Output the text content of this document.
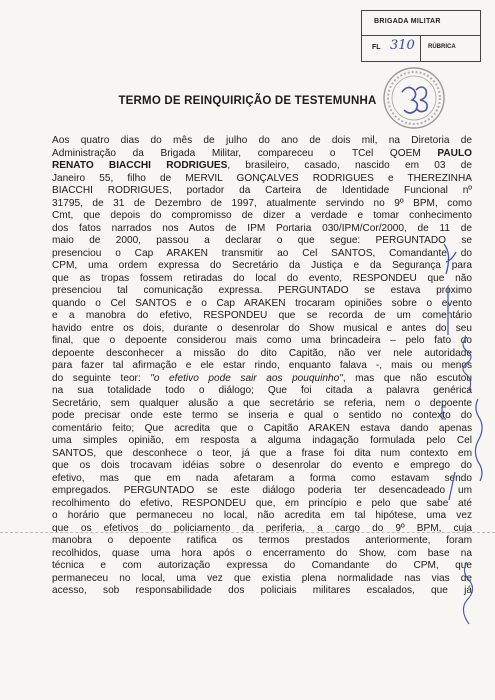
BRIGADA MILITAR
FL 310 RÚBRICA
TERMO DE REINQUIRIÇÃO DE TESTEMUNHA

Aos quatro dias do mês de julho do ano de dois mil, na Diretoria de

Administração da Brigada Militar, compareceu o TCel QOEM PAULO

RENATO BIACCHI RODRIGUES, brasileiro, casado, nascido em 03 de

Janeiro 55, filho de MERVIL GONÇALVES RODRIGUES e THEREZINHA

BIACCHI RODRIGUES, portador da Carteira de Identidade Funcional nº

31795, de 31 de Dezembro de 1997, atualmente servindo no 9º BPM, como

Cmt, que depois do compromisso de dizer a verdade e tomar conhecimento

dos fatos narrados nos Autos de IPM Portaria 030/IPM/Cor/2000, de 11 de

maio de 2000, passou a declarar o que segue: PERGUNTADO se

presenciou o Cap ARAKEN transmitir ao Cel SANTOS, Comandante do

CPM, uma ordem expressa do Secretário da Justiça e da Segurança para

que as tropas fossem retiradas do local do evento, RESPONDEU que não

presenciou tal comunicação expressa. PERGUNTADO se estava próximo

quando o Cel SANTOS e o Cap ARAKEN trocaram opiniões sobre o evento

e a manobra do efetivo, RESPONDEU que se recorda de um comentário

havido entre os dois, durante o desenrolar do Show musical e antes do seu

final, que o depoente considerou mais como uma brincadeira – pelo fato do

depoente desconhecer a missão do dito Capitão, não ver nele autoridade

para fazer tal afirmação e ele estar rindo, enquanto falava -, mais ou menos

do seguinte teor: "o efetivo pode sair aos pouquinho", mas que não escutou

na sua totalidade todo o diálogo; Que foi citada a palavra genérica

Secretário, sem qualquer alusão a que secretário se referia, nem o depoente

pode precisar onde este termo se inseria e qual o sentido no contexto do

comentário feito; Que acredita que o Capitão ARAKEN estava dando apenas

uma simples opinião, em resposta a alguma indagação formulada pelo Cel

SANTOS, que desconhece o teor, já que a frase foi dita num contexto em

que os dois trocavam idéias sobre o desenrolar do evento e emprego do

efetivo, mas que em nada afetaram a forma como estavam sendo

empregados. PERGUNTADO se este diálogo poderia ter desencadeado um

recolhimento do efetivo, RESPONDEU que, em princípio e pelo que sabe até

o horário que permaneceu no local, não acredita em tal hipótese, uma vez

que os efetivos do policiamento da periferia, a cargo do 9º BPM, cuja

manobra o depoente ratifica os termos prestados anteriormente, foram

recolhidos, quase uma hora após o encerramento do Show, com base na

técnica e com autorização expressa do Comandante do CPM, que

permaneceu no local, uma vez que existia plena normalidade nas vias de

acesso, sob responsabilidade dos policiais militares escalados, que já
